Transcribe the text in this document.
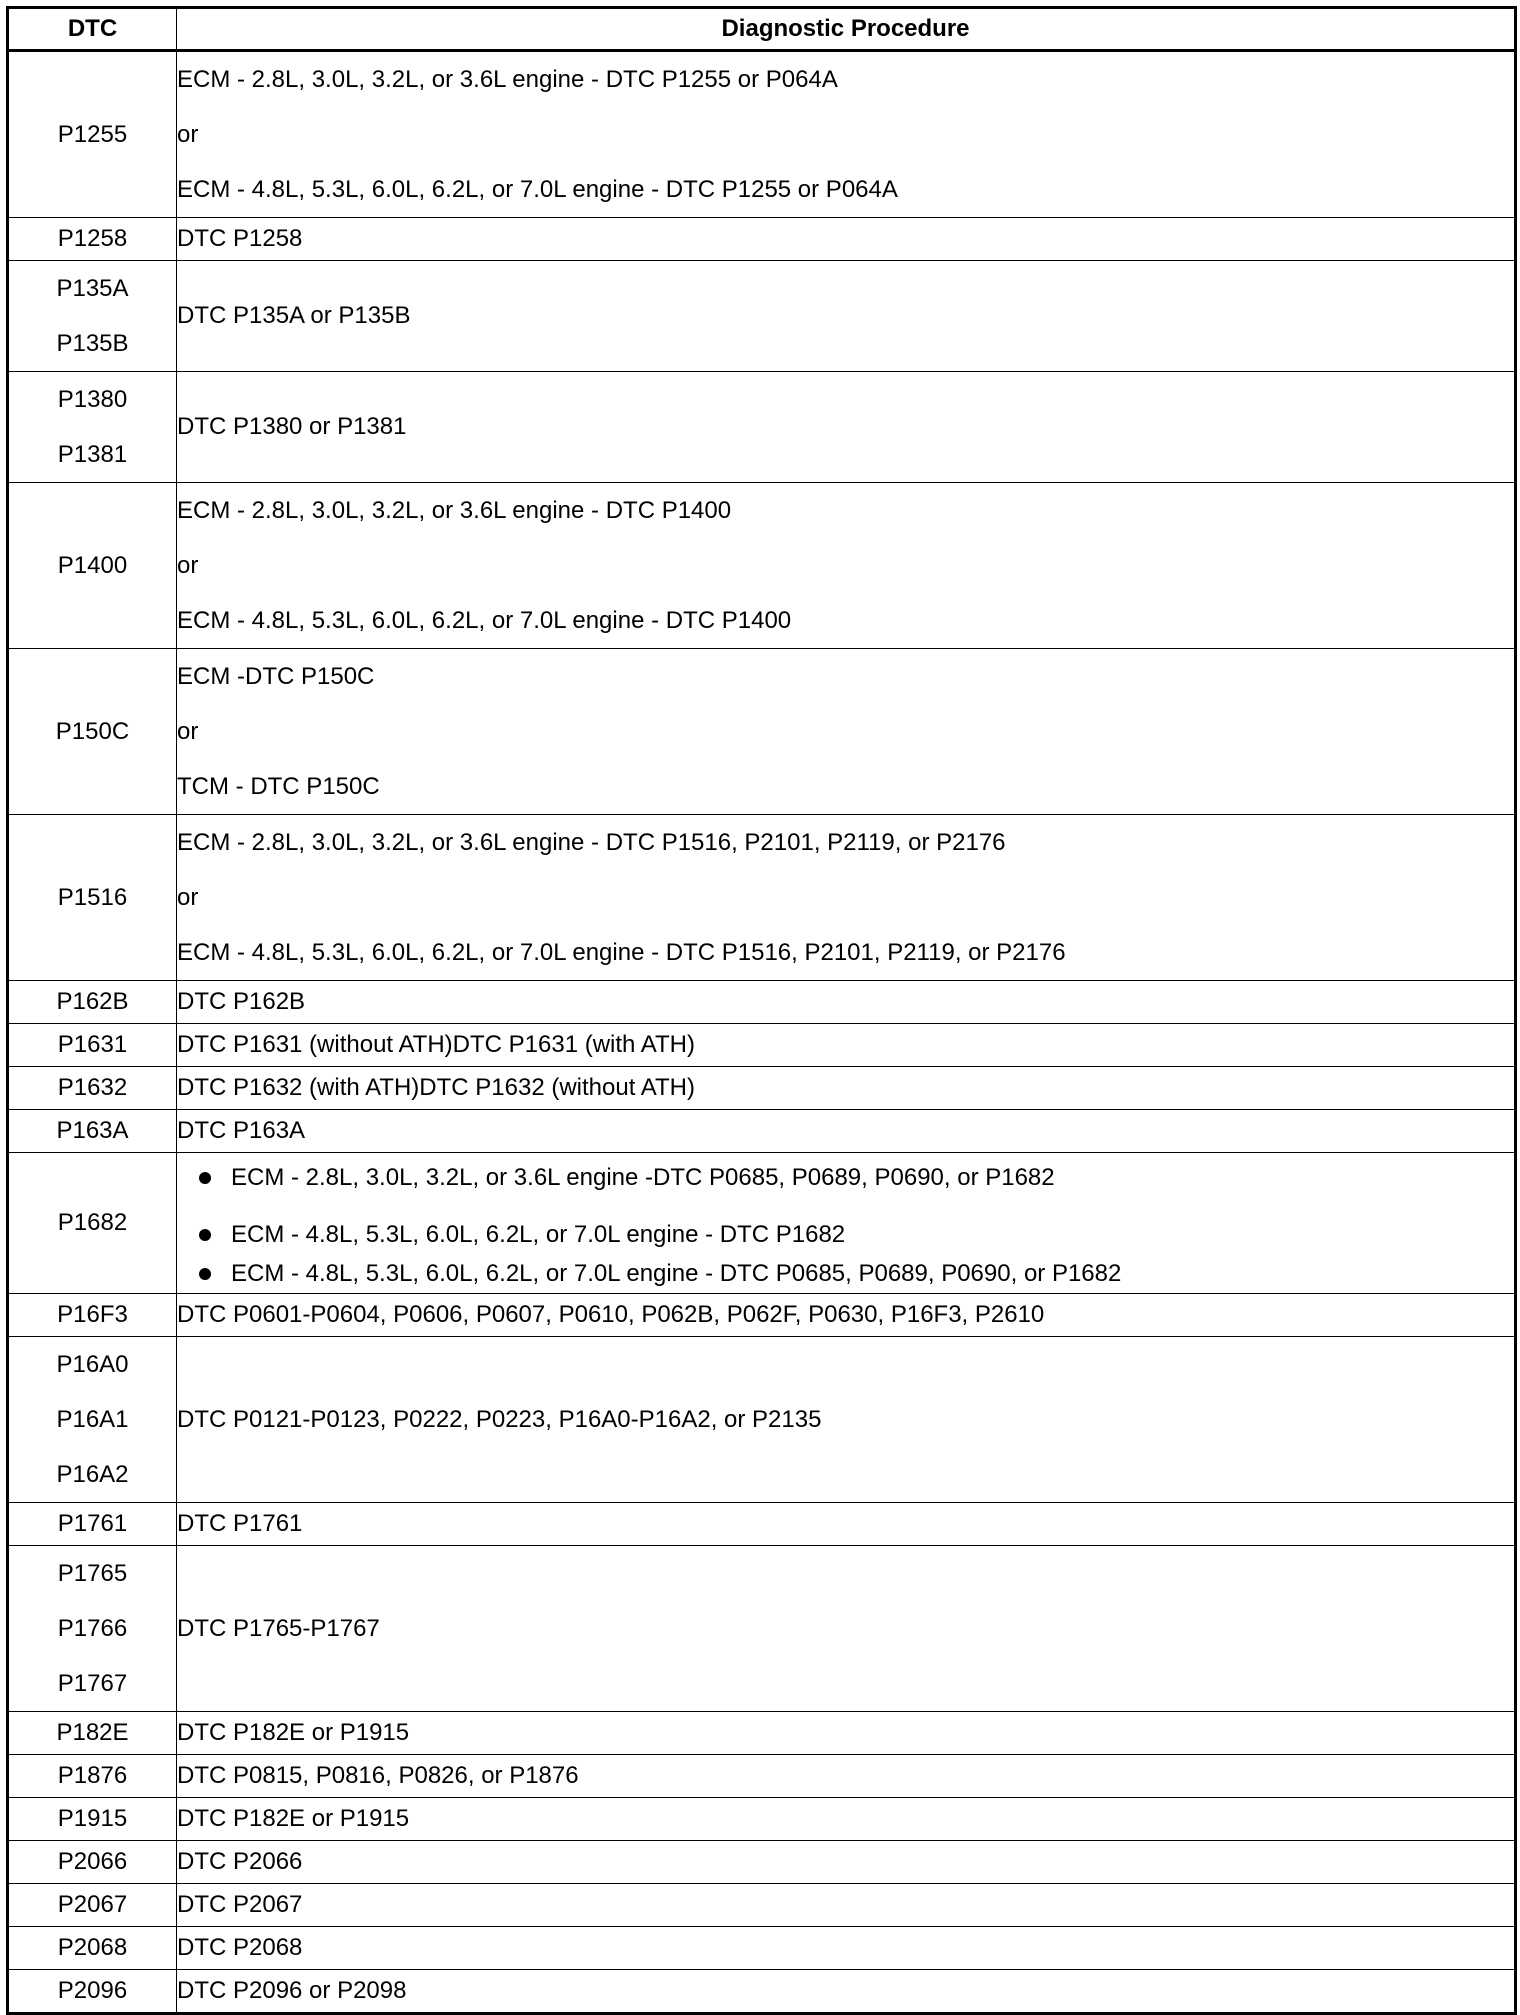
DTC	Diagnostic Procedure

P1255	ECM - 2.8L, 3.0L, 3.2L, or 3.6L engine - DTC P1255 or P064A
or
ECM - 4.8L, 5.3L, 6.0L, 6.2L, or 7.0L engine - DTC P1255 or P064A

P1258	DTC P1258

P135A
P135B	DTC P135A or P135B

P1380
P1381	DTC P1380 or P1381

P1400	ECM - 2.8L, 3.0L, 3.2L, or 3.6L engine - DTC P1400
or
ECM - 4.8L, 5.3L, 6.0L, 6.2L, or 7.0L engine - DTC P1400

P150C	ECM -DTC P150C
or
TCM - DTC P150C

P1516	ECM - 2.8L, 3.0L, 3.2L, or 3.6L engine - DTC P1516, P2101, P2119, or P2176
or
ECM - 4.8L, 5.3L, 6.0L, 6.2L, or 7.0L engine - DTC P1516, P2101, P2119, or P2176

P162B	DTC P162B

P1631	DTC P1631 (without ATH)DTC P1631 (with ATH)

P1632	DTC P1632 (with ATH)DTC P1632 (without ATH)

P163A	DTC P163A

P1682	ECM - 2.8L, 3.0L, 3.2L, or 3.6L engine -DTC P0685, P0689, P0690, or P1682
ECM - 4.8L, 5.3L, 6.0L, 6.2L, or 7.0L engine - DTC P1682
ECM - 4.8L, 5.3L, 6.0L, 6.2L, or 7.0L engine - DTC P0685, P0689, P0690, or P1682

P16F3	DTC P0601-P0604, P0606, P0607, P0610, P062B, P062F, P0630, P16F3, P2610

P16A0
P16A1
P16A2	DTC P0121-P0123, P0222, P0223, P16A0-P16A2, or P2135

P1761	DTC P1761

P1765
P1766
P1767	DTC P1765-P1767

P182E	DTC P182E or P1915

P1876	DTC P0815, P0816, P0826, or P1876

P1915	DTC P182E or P1915

P2066	DTC P2066

P2067	DTC P2067

P2068	DTC P2068

P2096	DTC P2096 or P2098
